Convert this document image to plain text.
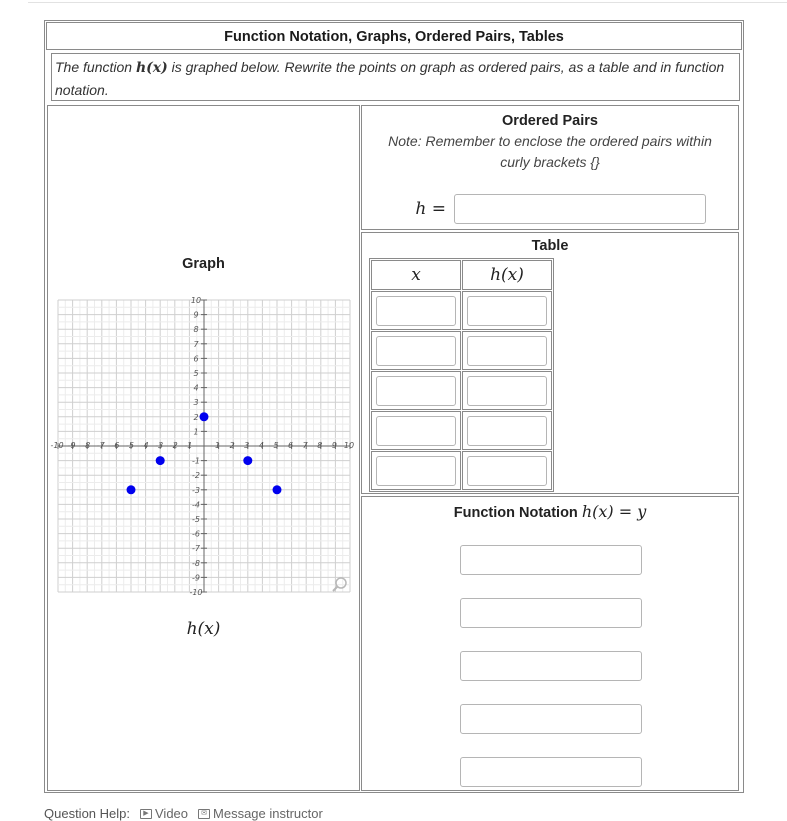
Function Notation, Graphs, Ordered Pairs, Tables
The function h(x) is graphed below. Rewrite the points on graph as ordered pairs, as a table and in function notation.
Graph
-10 -9 -8 -7 -6 -5 -4 -3 -2 -1	1 2 3 4 5 6 7 8 9 10
-10
-9
-8
-7
-6
-5
-4
-3
-2
-1
1
2
3
4
5
6
7
8
9
10
h(x)
Ordered Pairs
Note: Remember to enclose the ordered pairs within curly brackets {}
h =
Table
x	h(x)

Function Notation h(x) = y
Question Help:	▶ Video	✉ Message instructor
